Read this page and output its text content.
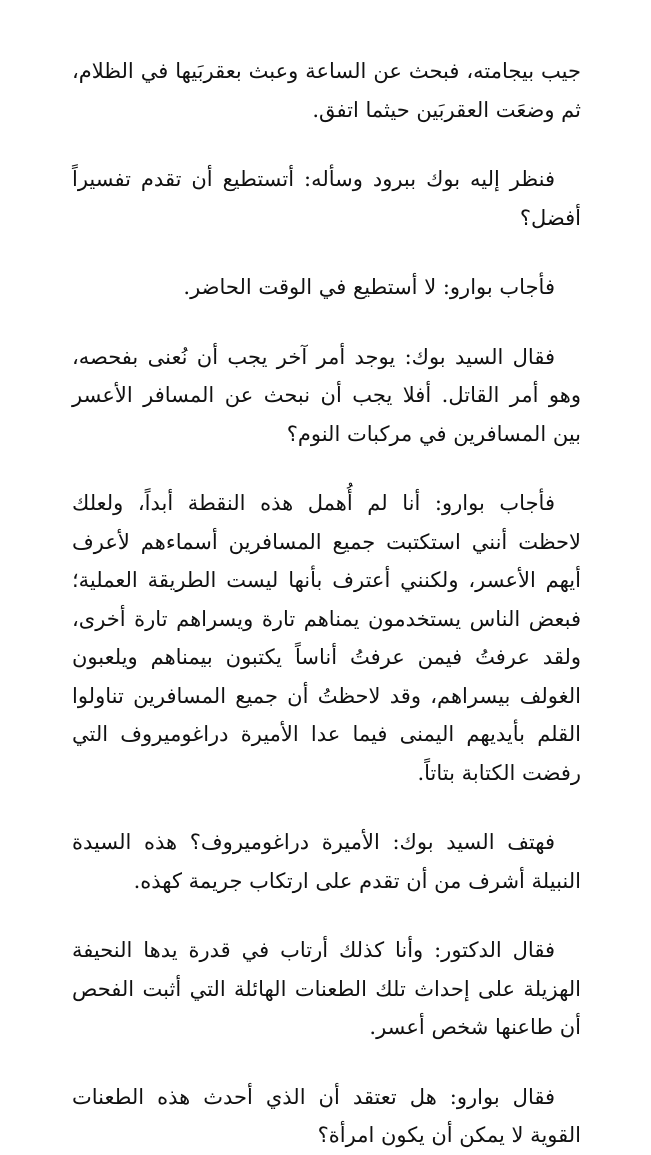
جيب بيجامته، فبحث عن الساعة وعبث بعقربَيها في الظلام، ثم وضعَت العقربَين حيثما اتفق.

فنظر إليه بوك ببرود وسأله: أتستطيع أن تقدم تفسيراً أفضل؟

فأجاب بوارو: لا أستطيع في الوقت الحاضر.

فقال السيد بوك: يوجد أمر آخر يجب أن نُعنى بفحصه، وهو أمر القاتل. أفلا يجب أن نبحث عن المسافر الأعسر بين المسافرين في مركبات النوم؟

فأجاب بوارو: أنا لم أُهمل هذه النقطة أبداً، ولعلك لاحظت أنني استكتبت جميع المسافرين أسماءهم لأعرف أيهم الأعسر، ولكنني أعترف بأنها ليست الطريقة العملية؛ فبعض الناس يستخدمون يمناهم تارة ويسراهم تارة أخرى، ولقد عرفتُ فيمن عرفتُ أناساً يكتبون بيمناهم ويلعبون الغولف بيسراهم، وقد لاحظتُ أن جميع المسافرين تناولوا القلم بأيديهم اليمنى فيما عدا الأميرة دراغوميروف التي رفضت الكتابة بتاتاً.

فهتف السيد بوك: الأميرة دراغوميروف؟ هذه السيدة النبيلة أشرف من أن تقدم على ارتكاب جريمة كهذه.

فقال الدكتور: وأنا كذلك أرتاب في قدرة يدها النحيفة الهزيلة على إحداث تلك الطعنات الهائلة التي أثبت الفحص أن طاعنها شخص أعسر.

فقال بوارو: هل تعتقد أن الذي أحدث هذه الطعنات القوية لا يمكن أن يكون امرأة؟
